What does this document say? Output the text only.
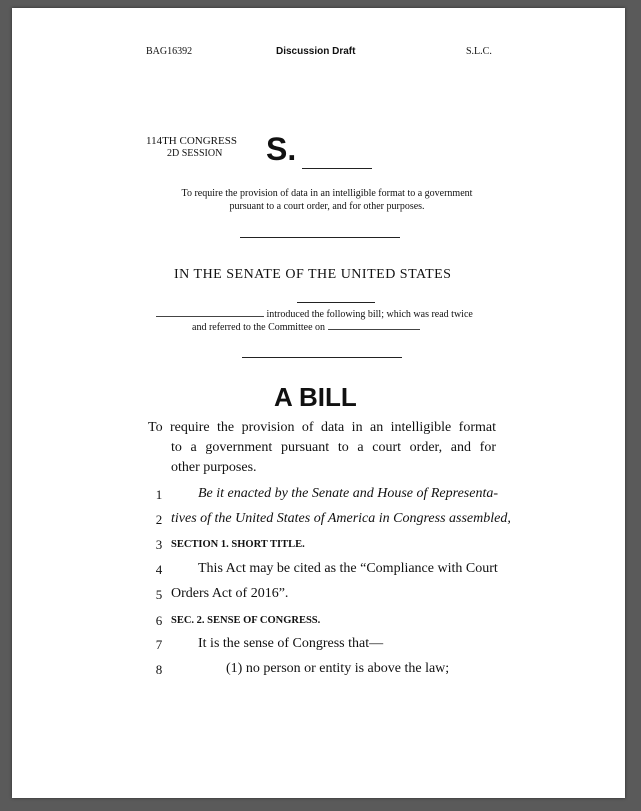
BAG16392	Discussion Draft	S.L.C.
114TH CONGRESS
2D SESSION S.
To require the provision of data in an intelligible format to a government
pursuant to a court order, and for other purposes.
IN THE SENATE OF THE UNITED STATES
introduced the following bill; which was read twice
and referred to the Committee on
A BILL
To require the provision of data in an intelligible format
to a government pursuant to a court order, and for
other purposes.
1	Be it enacted by the Senate and House of Representa-
2 tives of the United States of America in Congress assembled,
3 SECTION 1. SHORT TITLE.
4	This Act may be cited as the “Compliance with Court
5 Orders Act of 2016”.
6 SEC. 2. SENSE OF CONGRESS.
7	It is the sense of Congress that—
8	(1) no person or entity is above the law;
